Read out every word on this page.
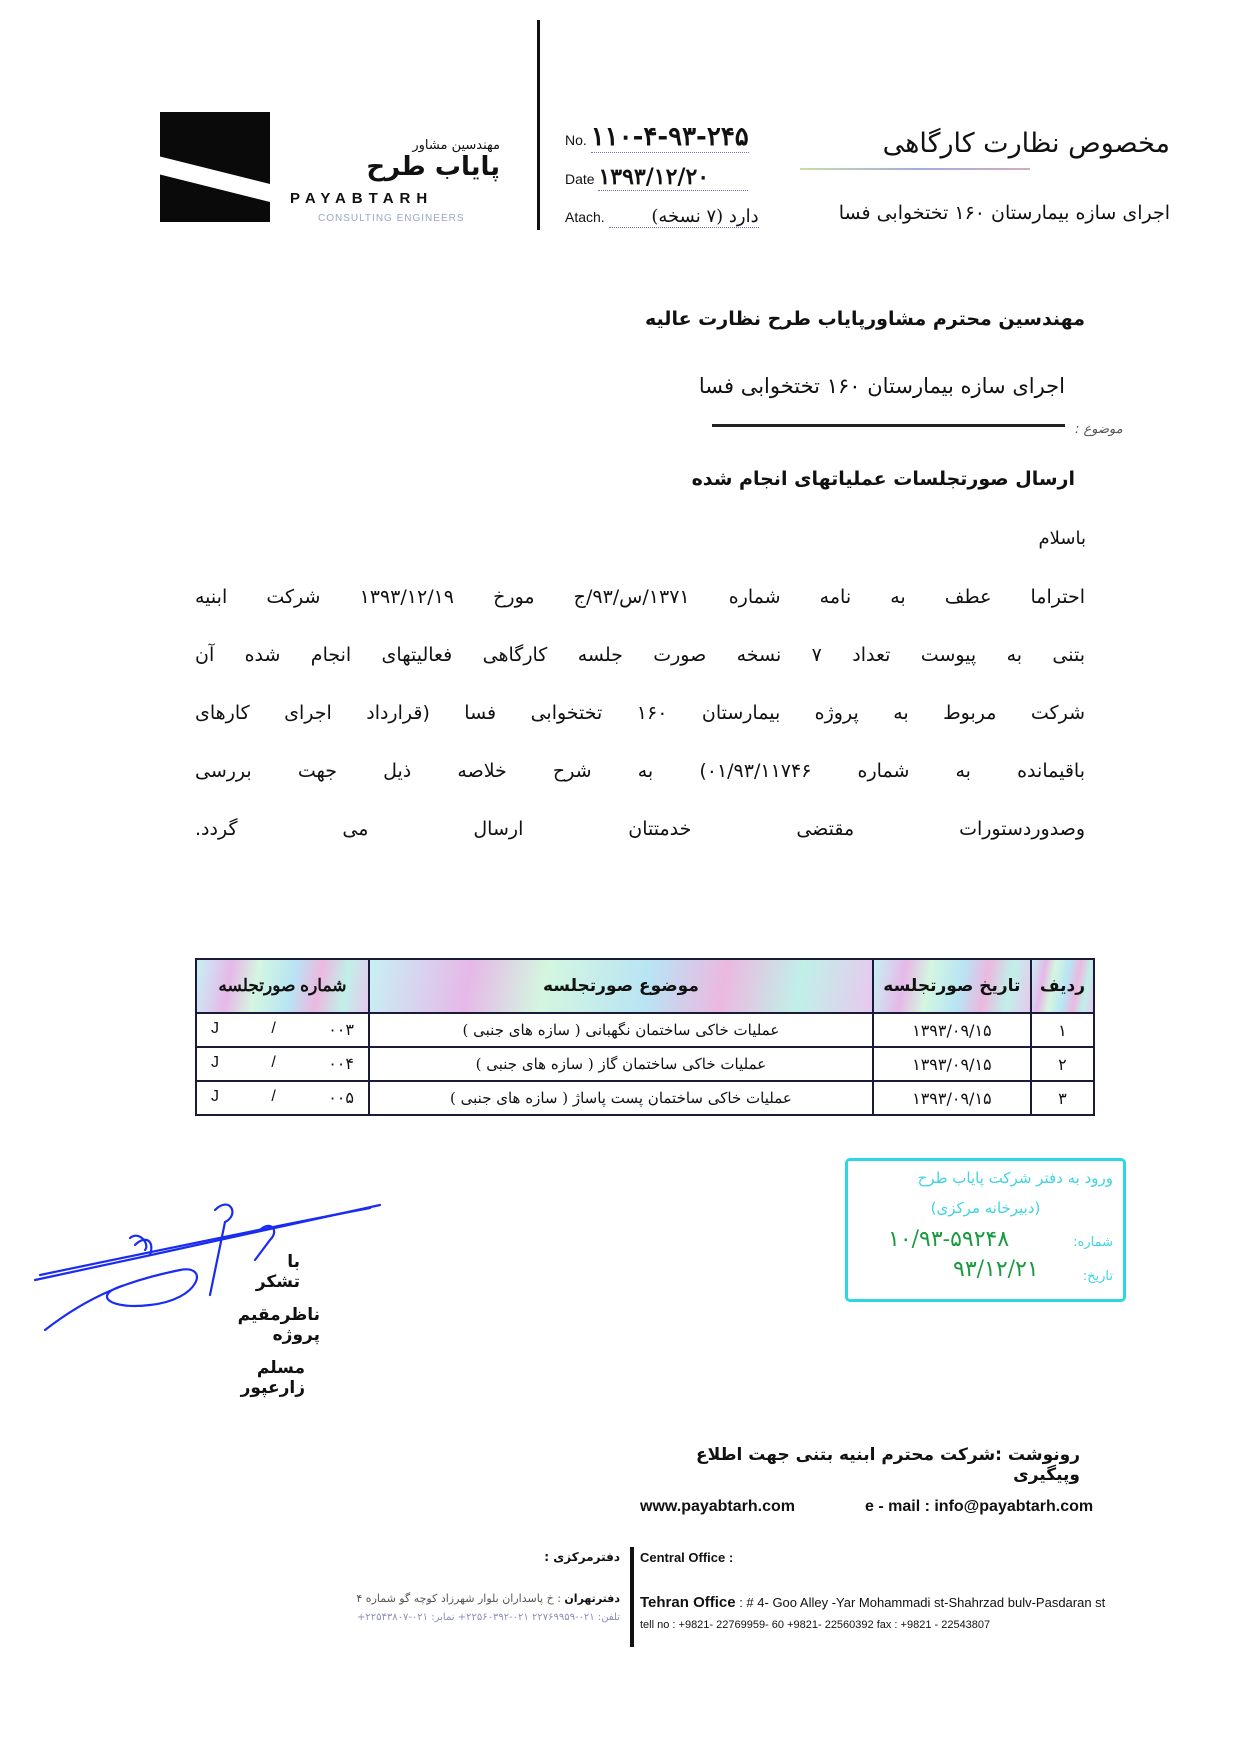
مهندسین مشاور
پایاب طرح
PAYABTARH
CONSULTING ENGINEERS
No. ۱۱۰-۴-۹۳-۲۴۵
Date ۱۳۹۳/۱۲/۲۰
Atach.	دارد (۷ نسخه)
مخصوص نظارت کارگاهی
اجرای سازه بیمارستان ۱۶۰ تختخوابی فسا
مهندسین محترم مشاورپایاب طرح نظارت عالیه
اجرای سازه بیمارستان ۱۶۰ تختخوابی فسا
موضوع :
ارسال صورتجلسات عملیاتهای انجام شده
باسلام

احتراما عطف به نامه شماره ۱۳۷۱/س/۹۳/ج مورخ ۱۳۹۳/۱۲/۱۹ شرکت ابنیه

بتنی به پیوست تعداد ۷ نسخه صورت جلسه کارگاهی فعالیتهای انجام شده آن

شرکت مربوط به پروژه بیمارستان ۱۶۰ تختخوابی فسا (قرارداد اجرای کارهای

باقیمانده به شماره ۰۱/۹۳/۱۱۷۴۶) به شرح خلاصه ذیل جهت بررسی

وصدوردستورات مقتضی خدمتتان ارسال می گردد.

ردیف	تاریخ صورتجلسه	موضوع صورتجلسه	شماره صورتجلسه
۱	۱۳۹۳/۰۹/۱۵	عملیات خاکی ساختمان نگهبانی ( سازه های جنبی )	J / ۰۰۳

۲	۱۳۹۳/۰۹/۱۵	عملیات خاکی ساختمان گاز ( سازه های جنبی )	J / ۰۰۴

۳	۱۳۹۳/۰۹/۱۵	عملیات خاکی ساختمان پست پاساژ ( سازه های جنبی )	J / ۰۰۵
ورود به دفتر شرکت پایاب طرح
(دبیرخانه مرکزی)
شماره:
۱۰/۹۳-۵۹۲۴۸
تاریخ:
۹۳/۱۲/۲۱
با تشکر
ناظرمقیم پروژه
مسلم زارعپور
رونوشت :شرکت محترم ابنیه بتنی جهت اطلاع وپیگیری
www.payabtarh.com	e - mail : info@payabtarh.com
Central Office :
Tehran Office : # 4- Goo Alley -Yar Mohammadi st-Shahrzad bulv-Pasdaran st
tell no : +9821- 22769959- 60 +9821- 22560392 fax : +9821 - 22543807
دفترمرکزی :
دفترتهران : خ پاسداران بلوار شهرزاد کوچه گو شماره ۴
تلفن: ۰۲۱-۲۲۷۶۹۹۵۹ ۰۲۱-۲۲۵۶۰۳۹۲+ نمابر: ۰۲۱-۲۲۵۴۳۸۰۷+
